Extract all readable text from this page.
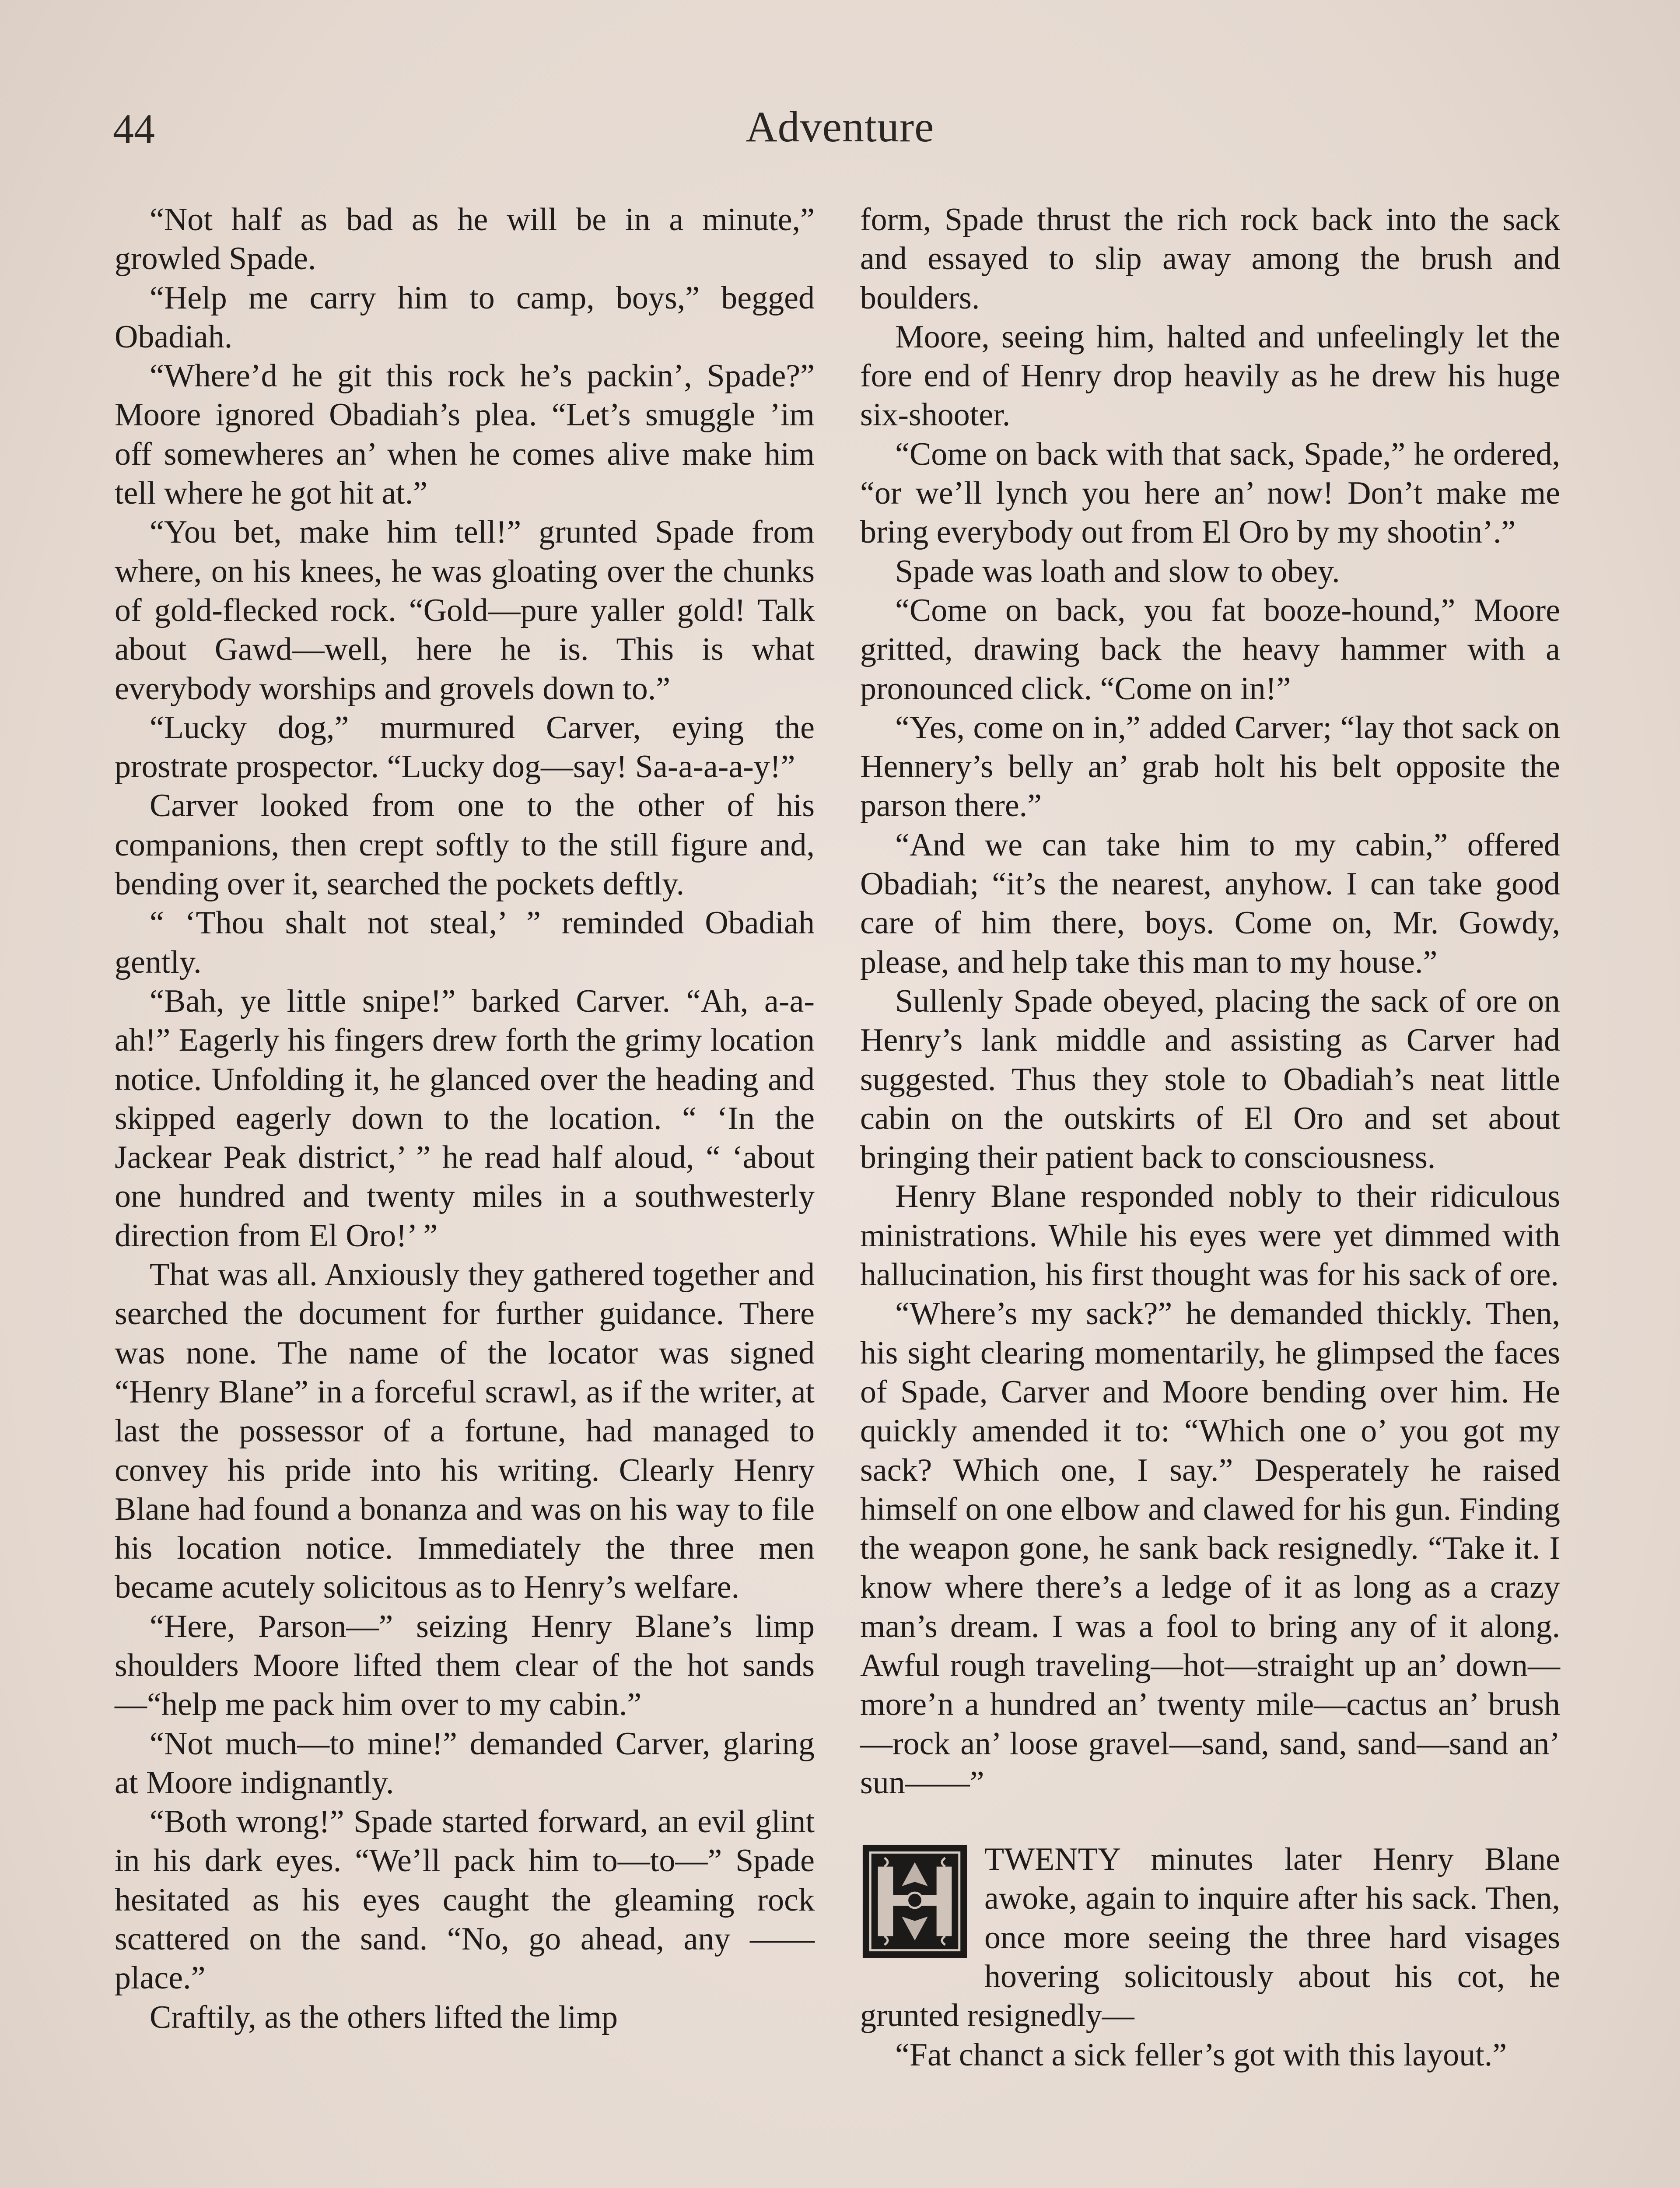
44	Adventure

“Not half as bad as he will be in a minute,” growled Spade.

“Help me carry him to camp, boys,” begged Obadiah.

“Where’d he git this rock he’s packin’, Spade?” Moore ignored Obadiah’s plea. “Let’s smuggle ’im off somewheres an’ when he comes alive make him tell where he got hit at.”

“You bet, make him tell!” grunted Spade from where, on his knees, he was gloating over the chunks of gold-flecked rock. “Gold—pure yaller gold! Talk about Gawd—well, here he is. This is what everybody worships and grovels down to.”

“Lucky dog,” murmured Carver, eying the prostrate prospector. “Lucky dog—say! Sa-a-a-a-y!”

Carver looked from one to the other of his companions, then crept softly to the still figure and, bending over it, searched the pockets deftly.

“ ‘Thou shalt not steal,’ ” reminded Obadiah gently.

“Bah, ye little snipe!” barked Carver. “Ah, a-a-ah!” Eagerly his fingers drew forth the grimy location notice. Unfolding it, he glanced over the heading and skipped eagerly down to the location. “ ‘In the Jackear Peak district,’ ” he read half aloud, “ ‘about one hundred and twenty miles in a southwesterly direction from El Oro!’ ”

That was all. Anxiously they gathered together and searched the document for further guidance. There was none. The name of the locator was signed “Henry Blane” in a forceful scrawl, as if the writer, at last the possessor of a fortune, had managed to convey his pride into his writing. Clearly Henry Blane had found a bonanza and was on his way to file his location notice. Immediately the three men became acutely solicitous as to Henry’s welfare.

“Here, Parson—” seizing Henry Blane’s limp shoulders Moore lifted them clear of the hot sands—“help me pack him over to my cabin.”

“Not much—to mine!” demanded Carver, glaring at Moore indignantly.

“Both wrong!” Spade started forward, an evil glint in his dark eyes. “We’ll pack him to—to—” Spade hesitated as his eyes caught the gleaming rock scattered on the sand. “No, go ahead, any —— place.”

Craftily, as the others lifted the limp

form, Spade thrust the rich rock back into the sack and essayed to slip away among the brush and boulders.

Moore, seeing him, halted and unfeelingly let the fore end of Henry drop heavily as he drew his huge six-shooter.

“Come on back with that sack, Spade,” he ordered, “or we’ll lynch you here an’ now! Don’t make me bring everybody out from El Oro by my shootin’.”

Spade was loath and slow to obey.

“Come on back, you fat booze-hound,” Moore gritted, drawing back the heavy hammer with a pronounced click. “Come on in!”

“Yes, come on in,” added Carver; “lay thot sack on Hennery’s belly an’ grab holt his belt opposite the parson there.”

“And we can take him to my cabin,” offered Obadiah; “it’s the nearest, anyhow. I can take good care of him there, boys. Come on, Mr. Gowdy, please, and help take this man to my house.”

Sullenly Spade obeyed, placing the sack of ore on Henry’s lank middle and assisting as Carver had suggested. Thus they stole to Obadiah’s neat little cabin on the outskirts of El Oro and set about bringing their patient back to consciousness.

Henry Blane responded nobly to their ridiculous ministrations. While his eyes were yet dimmed with hallucination, his first thought was for his sack of ore.

“Where’s my sack?” he demanded thickly. Then, his sight clearing momentarily, he glimpsed the faces of Spade, Carver and Moore bending over him. He quickly amended it to: “Which one o’ you got my sack? Which one, I say.” Desperately he raised himself on one elbow and clawed for his gun. Finding the weapon gone, he sank back resignedly. “Take it. I know where there’s a ledge of it as long as a crazy man’s dream. I was a fool to bring any of it along. Awful rough traveling—hot—straight up an’ down—more’n a hundred an’ twenty mile—cactus an’ brush—rock an’ loose gravel—sand, sand, sand—sand an’ sun——”

TWENTY minutes later Henry Blane awoke, again to inquire after his sack. Then, once more seeing the three hard visages hovering solicitously about his cot, he grunted resignedly—

“Fat chanct a sick feller’s got with this layout.”
